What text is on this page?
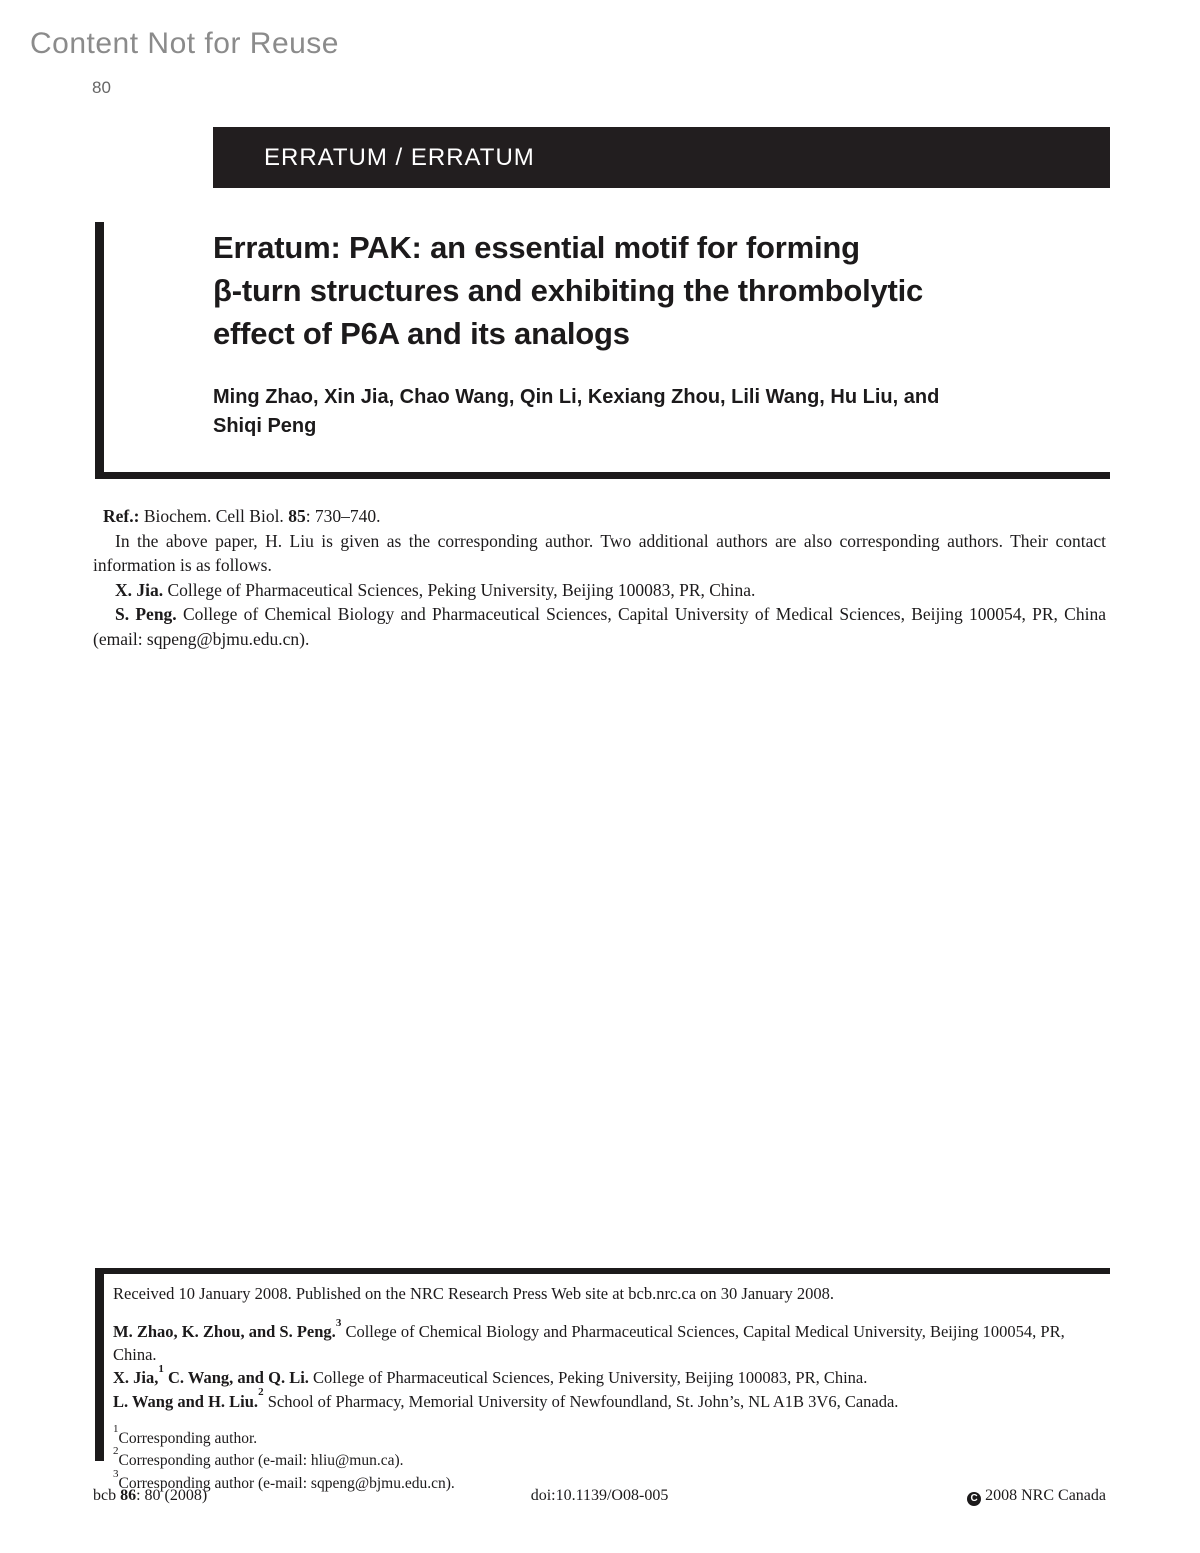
Content Not for Reuse
80
ERRATUM / ERRATUM
Erratum: PAK: an essential motif for forming
β-turn structures and exhibiting the thrombolytic
effect of P6A and its analogs
Ming Zhao, Xin Jia, Chao Wang, Qin Li, Kexiang Zhou, Lili Wang, Hu Liu, and
Shiqi Peng

Ref.: Biochem. Cell Biol. 85: 730–740.

In the above paper, H. Liu is given as the corresponding author. Two additional authors are also corresponding authors. Their contact information is as follows.

X. Jia. College of Pharmaceutical Sciences, Peking University, Beijing 100083, PR, China.

S. Peng. College of Chemical Biology and Pharmaceutical Sciences, Capital University of Medical Sciences, Beijing 100054, PR, China (email: sqpeng@bjmu.edu.cn).

Received 10 January 2008. Published on the NRC Research Press Web site at bcb.nrc.ca on 30 January 2008.
M. Zhao, K. Zhou, and S. Peng.$^3$ College of Chemical Biology and Pharmaceutical Sciences, Capital Medical University, Beijing 100054, PR, China.
X. Jia,$^1$ C. Wang, and Q. Li. College of Pharmaceutical Sciences, Peking University, Beijing 100083, PR, China.
L. Wang and H. Liu.$^2$ School of Pharmacy, Memorial University of Newfoundland, St. John’s, NL A1B 3V6, Canada.
$^1$Corresponding author.
$^2$Corresponding author (e-mail: hliu@mun.ca).
$^3$Corresponding author (e-mail: sqpeng@bjmu.edu.cn).
bcb 86: 80 (2008)	doi:10.1139/O08-005	C 2008 NRC Canada
